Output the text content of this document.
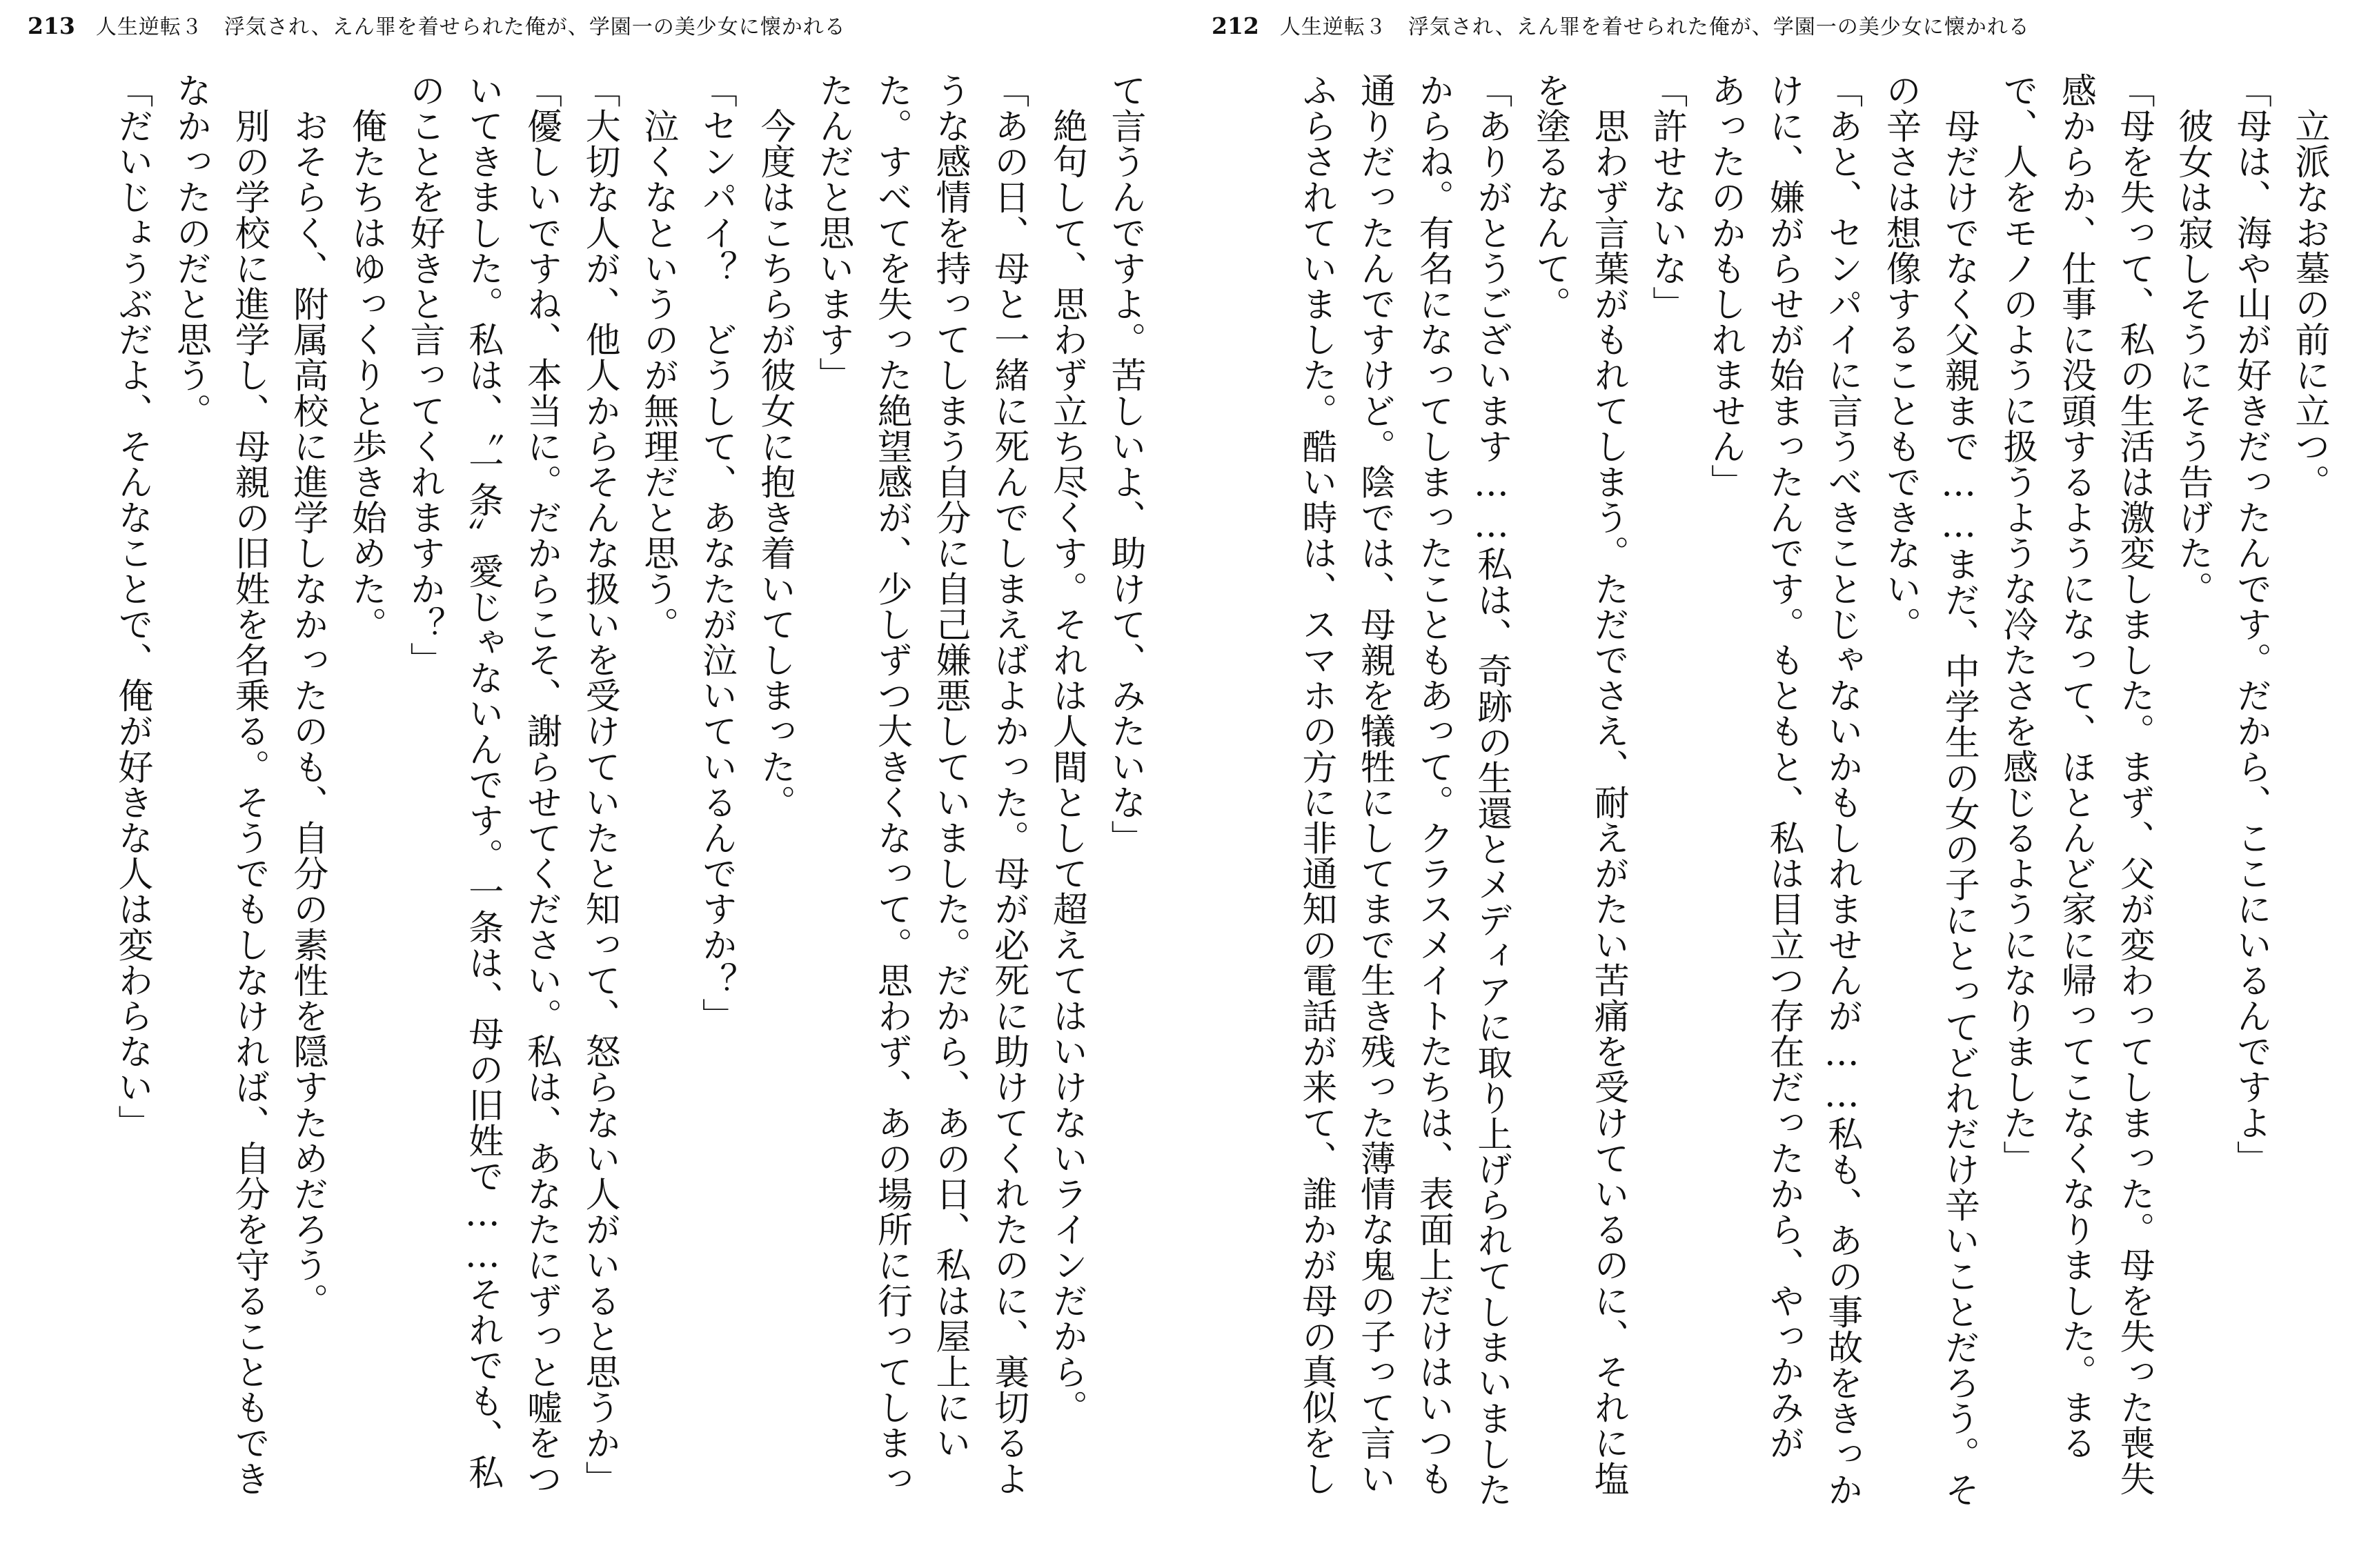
213 人生逆転３　浮気され、えん罪を着せられた俺が、学園一の美少女に懐かれる

て言うんですよ。苦しいよ、助けて、みたいな」

　絶句して、思わず立ち尽くす。それは人間として超えてはいけないラインだから。

「あの日、母と一緒に死んでしまえばよかった。母が必死に助けてくれたのに、裏切るよ

うな感情を持ってしまう自分に自己嫌悪していました。だから、あの日、私は屋上にい

た。すべてを失った絶望感が、少しずつ大きくなって。思わず、あの場所に行ってしまっ

たんだと思います」

　今度はこちらが彼女に抱き着いてしまった。

「センパイ？　どうして、あなたが泣いているんですか？」

　泣くなというのが無理だと思う。

「大切な人が、他人からそんな扱いを受けていたと知って、怒らない人がいると思うか」

「優しいですね、本当に。だからこそ、謝らせてください。私は、あなたにずっと嘘をつ

いてきました。私は、〝一条〟愛じゃないんです。一条は、母の旧姓で……それでも、私

のことを好きと言ってくれますか？」

　俺たちはゆっくりと歩き始めた。

　おそらく、附属高校に進学しなかったのも、自分の素性を隠すためだろう。

　別の学校に進学し、母親の旧姓を名乗る。そうでもしなければ、自分を守ることもでき

なかったのだと思う。

「だいじょうぶだよ、そんなことで、俺が好きな人は変わらない」

212 人生逆転３　浮気され、えん罪を着せられた俺が、学園一の美少女に懐かれる

　立派なお墓の前に立つ。

「母は、海や山が好きだったんです。だから、ここにいるんですよ」

　彼女は寂しそうにそう告げた。

「母を失って、私の生活は激変しました。まず、父が変わってしまった。母を失った喪失

感からか、仕事に没頭するようになって、ほとんど家に帰ってこなくなりました。まる

で、人をモノのように扱うような冷たさを感じるようになりました」

　母だけでなく父親まで……まだ、中学生の女の子にとってどれだけ辛いことだろう。そ

の辛さは想像することもできない。

「あと、センパイに言うべきことじゃないかもしれませんが……私も、あの事故をきっか

けに、嫌がらせが始まったんです。もともと、私は目立つ存在だったから、やっかみが

あったのかもしれません」

「許せないな」

　思わず言葉がもれてしまう。ただでさえ、耐えがたい苦痛を受けているのに、それに塩

を塗るなんて。

「ありがとうございます……私は、奇跡の生還とメディアに取り上げられてしまいました

からね。有名になってしまったこともあって。クラスメイトたちは、表面上だけはいつも

通りだったんですけど。陰では、母親を犠牲にしてまで生き残った薄情な鬼の子って言い

ふらされていました。酷い時は、スマホの方に非通知の電話が来て、誰かが母の真似をし
